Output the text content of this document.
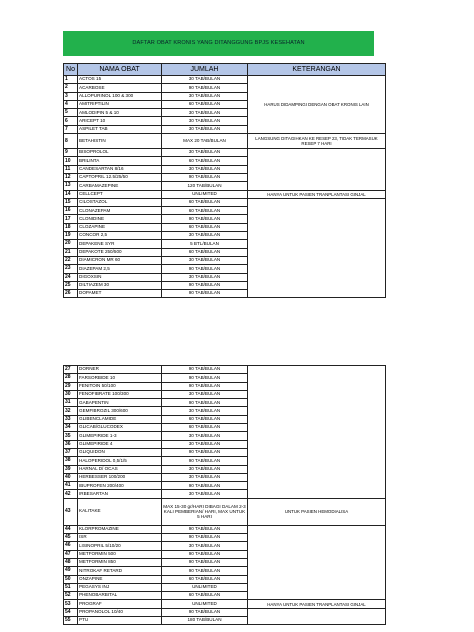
DAFTAR OBAT KRONIS YANG DITANGGUNG BPJS KESEHATAN
No	NAMA OBAT	JUMLAH	KETERANGAN
1	ACTOS 15	30 TAB/BULAN	HARUS DIDAMPINGI DENGAN OBAT KRONIS LAIN
2	ACARBOSE	90 TAB/BULAN	
3	ALLOPURINOL 100 & 300	30 TAB/BULAN	
4	AMITRIPTILIN	60 TAB/BULAN	
5	AMLODIPIN 5 & 10	30 TAB/BULAN	
6	ARICEPT 10	30 TAB/BULAN	
7	ASPILET TAB	30 TAB/BULAN	
8	BETAHISTIN	MAX 20 TAB/BULAN	LANGSUNG DITAGIHKAN KE RESEP 23, TIDAK TERMASUK RESEP 7 HARI
9	BISOPROLOL	30 TAB/BULAN	
10	BRILINTA	60 TAB/BULAN	
11	CANDESARTAN 8/16	30 TAB/BULAN	
12	CAPTOPRIL 12.5/25/50	90 TAB/BULAN	
13	CARBAMAZEPINE	120 TAB/BULAN	
14	CELLCEPT	UNLIMITED	HANYA UNTUK PASIEN TRANPLANTASI GINJAL
15	CILOSTAZOL	60 TAB/BULAN	
16	CLONAZEPAM	60 TAB/BULAN	
17	CLONIDINE	90 TAB/BULAN	
18	CLOZAPINE	60 TAB/BULAN	
19	CONCOR 2,5	30 TAB/BULAN	
20	DEPAKENE SYR	5 BTL/BULAN	
21	DEPAKOTE 250/500	60 TAB/BULAN	
22	DIAMICRON MR 60	30 TAB/BULAN	
23	DIAZEPAM 2,5	90 TAB/BULAN	
24	DIGOXSIN	30 TAB/BULAN	
25	DILTIAZEM 30	90 TAB/BULAN	
26	DOPAMET	90 TAB/BULAN	
27	DORNER	90 TAB/BULAN	
28	FARSORBIDE 10	90 TAB/BULAN	
29	FENITOIN 50/100	90 TAB/BULAN	
30	FENOFIBRATE 100/300	30 TAB/BULAN	
31	GABAPENTIN	90 TAB/BULAN	
32	GEMFIBROZIL 300/600	30 TAB/BULAN	
33	GLIBENCLAMIDE	60 TAB/BULAN	
34	GLICAB/GLUCODEX	60 TAB/BULAN	
35	GLIMEPIRIDE 1-3	30 TAB/BULAN	
36	GLIMEPIRIDE 4	30 TAB/BULAN	
37	GLIQUIDON	90 TAB/BULAN	
38	HALOPERIDOL 0,5/1/5	90 TAB/BULAN	
39	HARNAL D/ OCAS	30 TAB/BULAN	
40	HERBESSER 100/200	30 TAB/BULAN	
41	IBUPROFEN 200/400	90 TAB/BULAN	
42	IRBESARTAN	30 TAB/BULAN	
43	KALITAKE	MAX 15-30 gr/HARI DIBAGI DALAM 2-3 KALI PEMBERIAN/ HARI, MAX UNTUK 5 HARI	UNTUK PASIEN HEMODIALISA
44	KLORPROMAZINE	90 TAB/BULAN	
45	ISR	90 TAB/BULAN	
46	LISINOPRIL 5/10/20	30 TAB/BULAN	
47	METFORMIN 500	90 TAB/BULAN	
48	METFORMIN 850	90 TAB/BULAN	
49	NITROKAF RETARD	90 TAB/BULAN	
50	ONZAPINE	60 TAB/BULAN	
51	PEGASYS INJ	UNLIMITED	
52	PHENOBARBITAL	60 TAB/BULAN	
53	PROGRAF	UNLIMITED	HANYA UNTUK PASIEN TRANPLANTASI GINJAL
54	PROPANOLOL 10/40	90 TAB/BULAN	
55	PTU	180 TAB/BULAN	
